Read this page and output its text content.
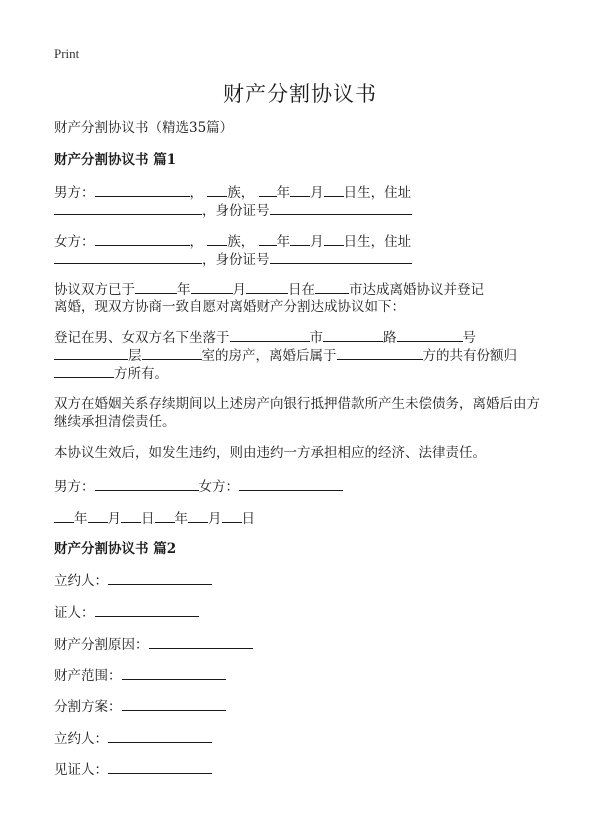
Print
财产分割协议书
财产分割协议书（精选35篇）
财产分割协议书 篇1
男方：	， 族， 年 月 日生，住址
，身份证号
女方：	， 族， 年 月 日生，住址
，身份证号
协议双方已于	年	月	日在	市达成离婚协议并登记
离婚，现双方协商一致自愿对离婚财产分割达成协议如下：
登记在男、女双方名下坐落于	市	路	号
层	室的房产，离婚后属于	方的共有份额归
方所有。
双方在婚姻关系存续期间以上述房产向银行抵押借款所产生未偿债务，离婚后由方
继续承担清偿责任。
本协议生效后，如发生违约，则由违约一方承担相应的经济、法律责任。
男方：	女方：
年 月 日 年 月 日
财产分割协议书 篇2
立约人：
证人：
财产分割原因：
财产范围：
分割方案：
立约人：
见证人：
